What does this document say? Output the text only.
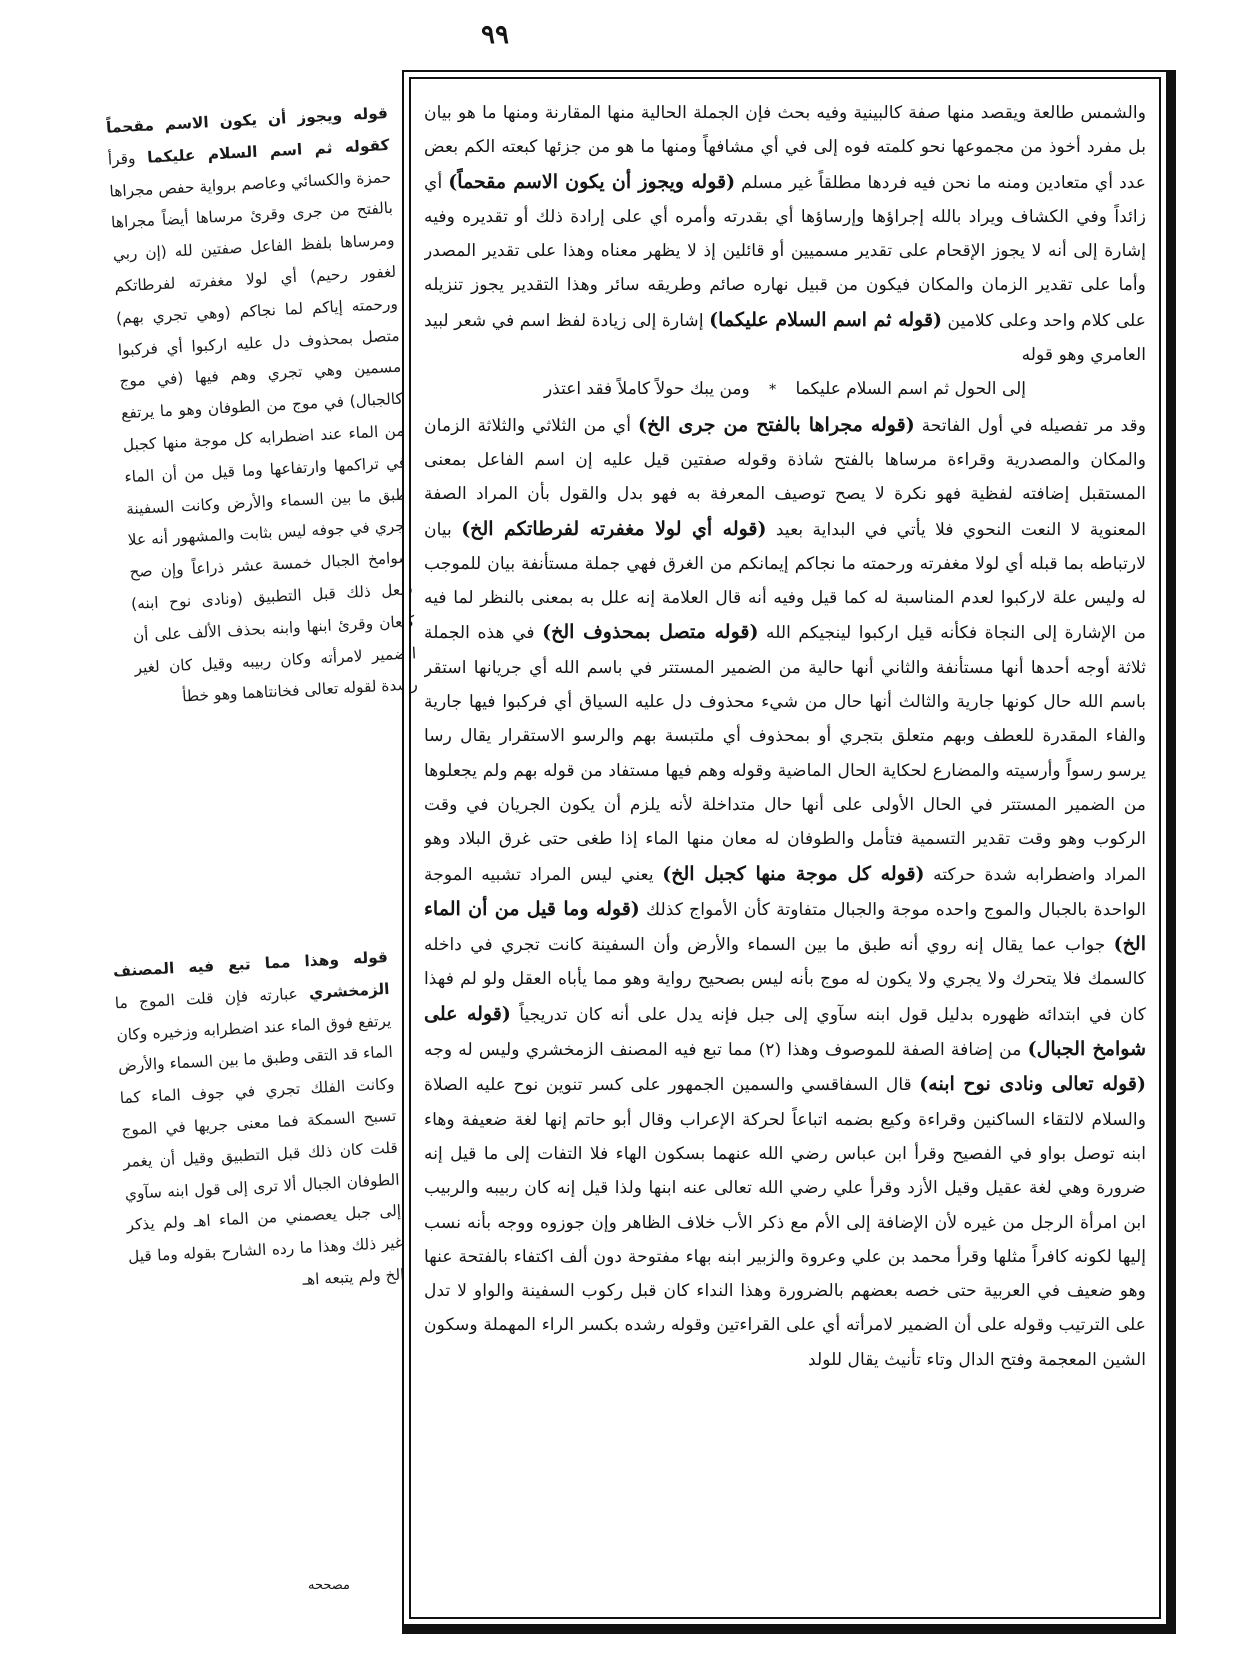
٩٩
قوله ويجوز أن يكون الاسم مقحماً كقوله ثم اسم السلام عليكما وقرأ حمزة والكسائي وعاصم برواية حفص مجراها بالفتح من جرى وقرئ مرساها أيضاً مجراها ومرساها بلفظ الفاعل صفتين لله (إن ربي لغفور رحيم) أي لولا مغفرته لفرطاتكم ورحمته إياكم لما نجاكم (وهي تجري بهم) متصل بمحذوف دل عليه اركبوا أي فركبوا مسمين وهي تجري وهم فيها (في موج كالجبال) في موج من الطوفان وهو ما يرتفع من الماء عند اضطرابه كل موجة منها كجبل في تراكمها وارتفاعها وما قيل من أن الماء طبق ما بين السماء والأرض وكانت السفينة تجري في جوفه ليس بثابت والمشهور أنه علا شوامخ الجبال خمسة عشر ذراعاً وإن صح فلعل ذلك قبل التطبيق (ونادى نوح ابنه) كنعان وقرئ ابنها وابنه بحذف الألف على أن الضمير لامرأته وكان ربيبه وقيل كان لغير رشدة لقوله تعالى فخانتاهما وهو خطأ
قوله وهذا مما تبع فيه المصنف الزمخشري عبارته فإن قلت الموج ما يرتفع فوق الماء عند اضطرابه وزخيره وكان الماء قد التقى وطبق ما بين السماء والأرض وكانت الفلك تجري في جوف الماء كما تسبح السمكة فما معنى جريها في الموج قلت كان ذلك قبل التطبيق وقيل أن يغمر الطوفان الجبال ألا ترى إلى قول ابنه سآوي إلى جبل يعصمني من الماء اهـ ولم يذكر غير ذلك وهذا ما رده الشارح بقوله وما قيل الخ ولم يتبعه اهـ
مصححه

والشمس طالعة ويقصد منها صفة كالبينية وفيه بحث فإن الجملة الحالية منها المقارنة ومنها ما هو بيان بل مفرد أخوذ من مجموعها نحو كلمته فوه إلى في أي مشافهاً ومنها ما هو من جزئها كبعته الكم بعض عدد أي متعادين ومنه ما نحن فيه فردها مطلقاً غير مسلم (قوله ويجوز أن يكون الاسم مقحماً) أي زائداً وفي الكشاف ويراد بالله إجراؤها وإرساؤها أي بقدرته وأمره أي على إرادة ذلك أو تقديره وفيه إشارة إلى أنه لا يجوز الإقحام على تقدير مسميين أو قائلين إذ لا يظهر معناه وهذا على تقدير المصدر وأما على تقدير الزمان والمكان فيكون من قبيل نهاره صائم وطريقه سائر وهذا التقدير يجوز تنزيله على كلام واحد وعلى كلامين (قوله ثم اسم السلام عليكما) إشارة إلى زيادة لفظ اسم في شعر لبيد العامري وهو قوله

إلى الحول ثم اسم السلام عليكما * ومن يبك حولاً كاملاً فقد اعتذر

وقد مر تفصيله في أول الفاتحة (قوله مجراها بالفتح من جرى الخ) أي من الثلاثي والثلاثة الزمان والمكان والمصدرية وقراءة مرساها بالفتح شاذة وقوله صفتين قيل عليه إن اسم الفاعل بمعنى المستقبل إضافته لفظية فهو نكرة لا يصح توصيف المعرفة به فهو بدل والقول بأن المراد الصفة المعنوية لا النعت النحوي فلا يأتي في البداية بعيد (قوله أي لولا مغفرته لفرطاتكم الخ) بيان لارتباطه بما قبله أي لولا مغفرته ورحمته ما نجاكم إيمانكم من الغرق فهي جملة مستأنفة بيان للموجب له وليس علة لاركبوا لعدم المناسبة له كما قيل وفيه أنه قال العلامة إنه علل به بمعنى بالنظر لما فيه من الإشارة إلى النجاة فكأنه قيل اركبوا لينجيكم الله (قوله متصل بمحذوف الخ) في هذه الجملة ثلاثة أوجه أحدها أنها مستأنفة والثاني أنها حالية من الضمير المستتر في باسم الله أي جريانها استقر باسم الله حال كونها جارية والثالث أنها حال من شيء محذوف دل عليه السياق أي فركبوا فيها جارية والفاء المقدرة للعطف وبهم متعلق بتجري أو بمحذوف أي ملتبسة بهم والرسو الاستقرار يقال رسا يرسو رسواً وأرسيته والمضارع لحكاية الحال الماضية وقوله وهم فيها مستفاد من قوله بهم ولم يجعلوها من الضمير المستتر في الحال الأولى على أنها حال متداخلة لأنه يلزم أن يكون الجريان في وقت الركوب وهو وقت تقدير التسمية فتأمل والطوفان له معان منها الماء إذا طغى حتى غرق البلاد وهو المراد واضطرابه شدة حركته (قوله كل موجة منها كجبل الخ) يعني ليس المراد تشبيه الموجة الواحدة بالجبال والموج واحده موجة والجبال متفاوتة كأن الأمواج كذلك (قوله وما قيل من أن الماء الخ) جواب عما يقال إنه روي أنه طبق ما بين السماء والأرض وأن السفينة كانت تجري في داخله كالسمك فلا يتحرك ولا يجري ولا يكون له موج بأنه ليس بصحيح رواية وهو مما يأباه العقل ولو لم فهذا كان في ابتدائه ظهوره بدليل قول ابنه سآوي إلى جبل فإنه يدل على أنه كان تدريجياً (قوله على شوامخ الجبال) من إضافة الصفة للموصوف وهذا (٢) مما تبع فيه المصنف الزمخشري وليس له وجه (قوله تعالى ونادى نوح ابنه) قال السفاقسي والسمين الجمهور على كسر تنوين نوح عليه الصلاة والسلام لالتقاء الساكنين وقراءة وكيع بضمه اتباعاً لحركة الإعراب وقال أبو حاتم إنها لغة ضعيفة وهاء ابنه توصل بواو في الفصيح وقرأ ابن عباس رضي الله عنهما بسكون الهاء فلا التفات إلى ما قيل إنه ضرورة وهي لغة عقيل وقيل الأزد وقرأ علي رضي الله تعالى عنه ابنها ولذا قيل إنه كان ربيبه والربيب ابن امرأة الرجل من غيره لأن الإضافة إلى الأم مع ذكر الأب خلاف الظاهر وإن جوزوه ووجه بأنه نسب إليها لكونه كافراً مثلها وقرأ محمد بن علي وعروة والزبير ابنه بهاء مفتوحة دون ألف اكتفاء بالفتحة عنها وهو ضعيف في العربية حتى خصه بعضهم بالضرورة وهذا النداء كان قبل ركوب السفينة والواو لا تدل على الترتيب وقوله على أن الضمير لامرأته أي على القراءتين وقوله رشده بكسر الراء المهملة وسكون الشين المعجمة وفتح الدال وتاء تأنيث يقال للولد
